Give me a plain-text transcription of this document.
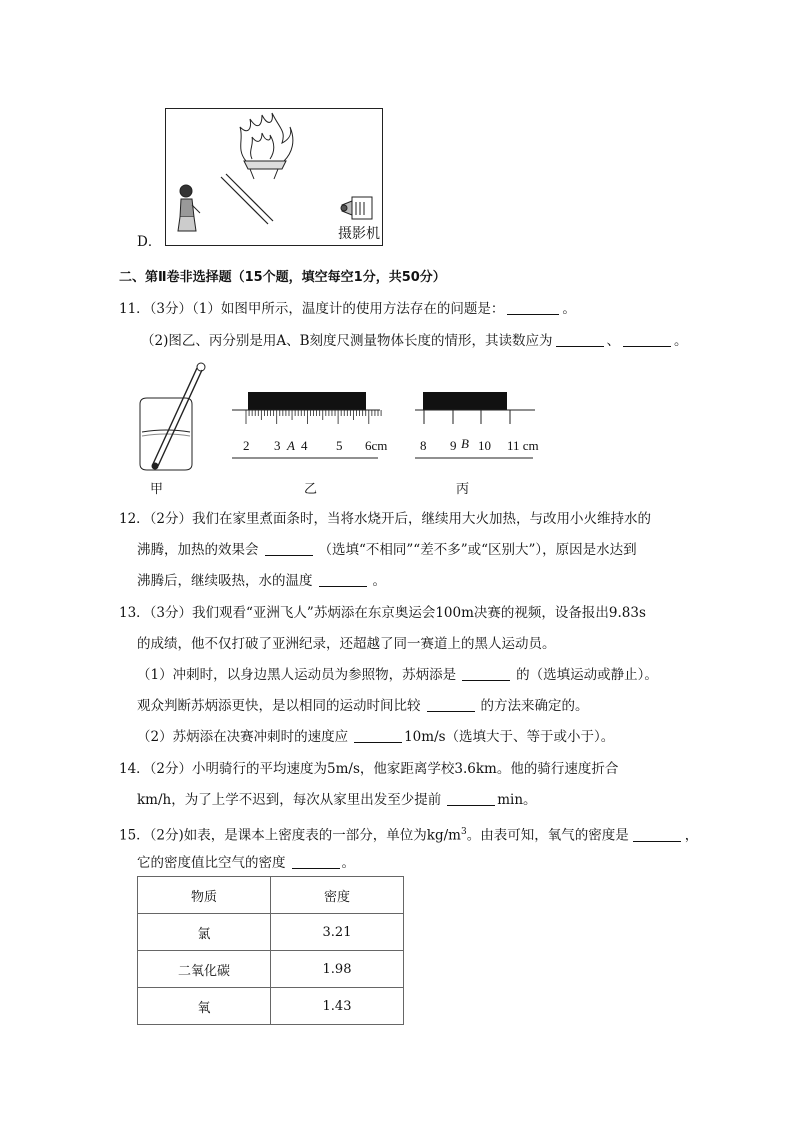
摄影机
D．
二、第Ⅱ卷非选择题（15个题，填空每空1分，共50分）
11．（3分）（1）如图甲所示，温度计的使用方法存在的问题是：	。
（2)图乙、丙分别是用A、B刻度尺测量物体长度的情形，其读数应为	、	。
甲
2 3 A 4 5 6cm
乙
8 9 B 10 11 cm
丙
12．（2分）我们在家里煮面条时，当将水烧开后，继续用大火加热，与改用小火维持水的
沸腾，加热的效果会	（选填“不相同”“差不多”或“区别大”），原因是水达到
沸腾后，继续吸热，水的温度	。
13．（3分）我们观看“亚洲飞人”苏炳添在东京奥运会100m决赛的视频，设备报出9.83s
的成绩，他不仅打破了亚洲纪录，还超越了同一赛道上的黑人运动员。
（1）冲刺时，以身边黑人运动员为参照物，苏炳添是	的（选填运动或静止）。
观众判断苏炳添更快，是以相同的运动时间比较	的方法来确定的。
（2）苏炳添在决赛冲刺时的速度应	10m/s（选填大于、等于或小于）。
14．（2分）小明骑行的平均速度为5m/s，他家距离学校3.6km。他的骑行速度折合
km/h，为了上学不迟到，每次从家里出发至少提前	min。
15．（2分)如表，是课本上密度表的一部分，单位为$kg/m^3$。由表可知，氧气的密度是	，
它的密度值比空气的密度	。
物质	密度
氯	3.21
二氧化碳	1.98
氧	1.43
